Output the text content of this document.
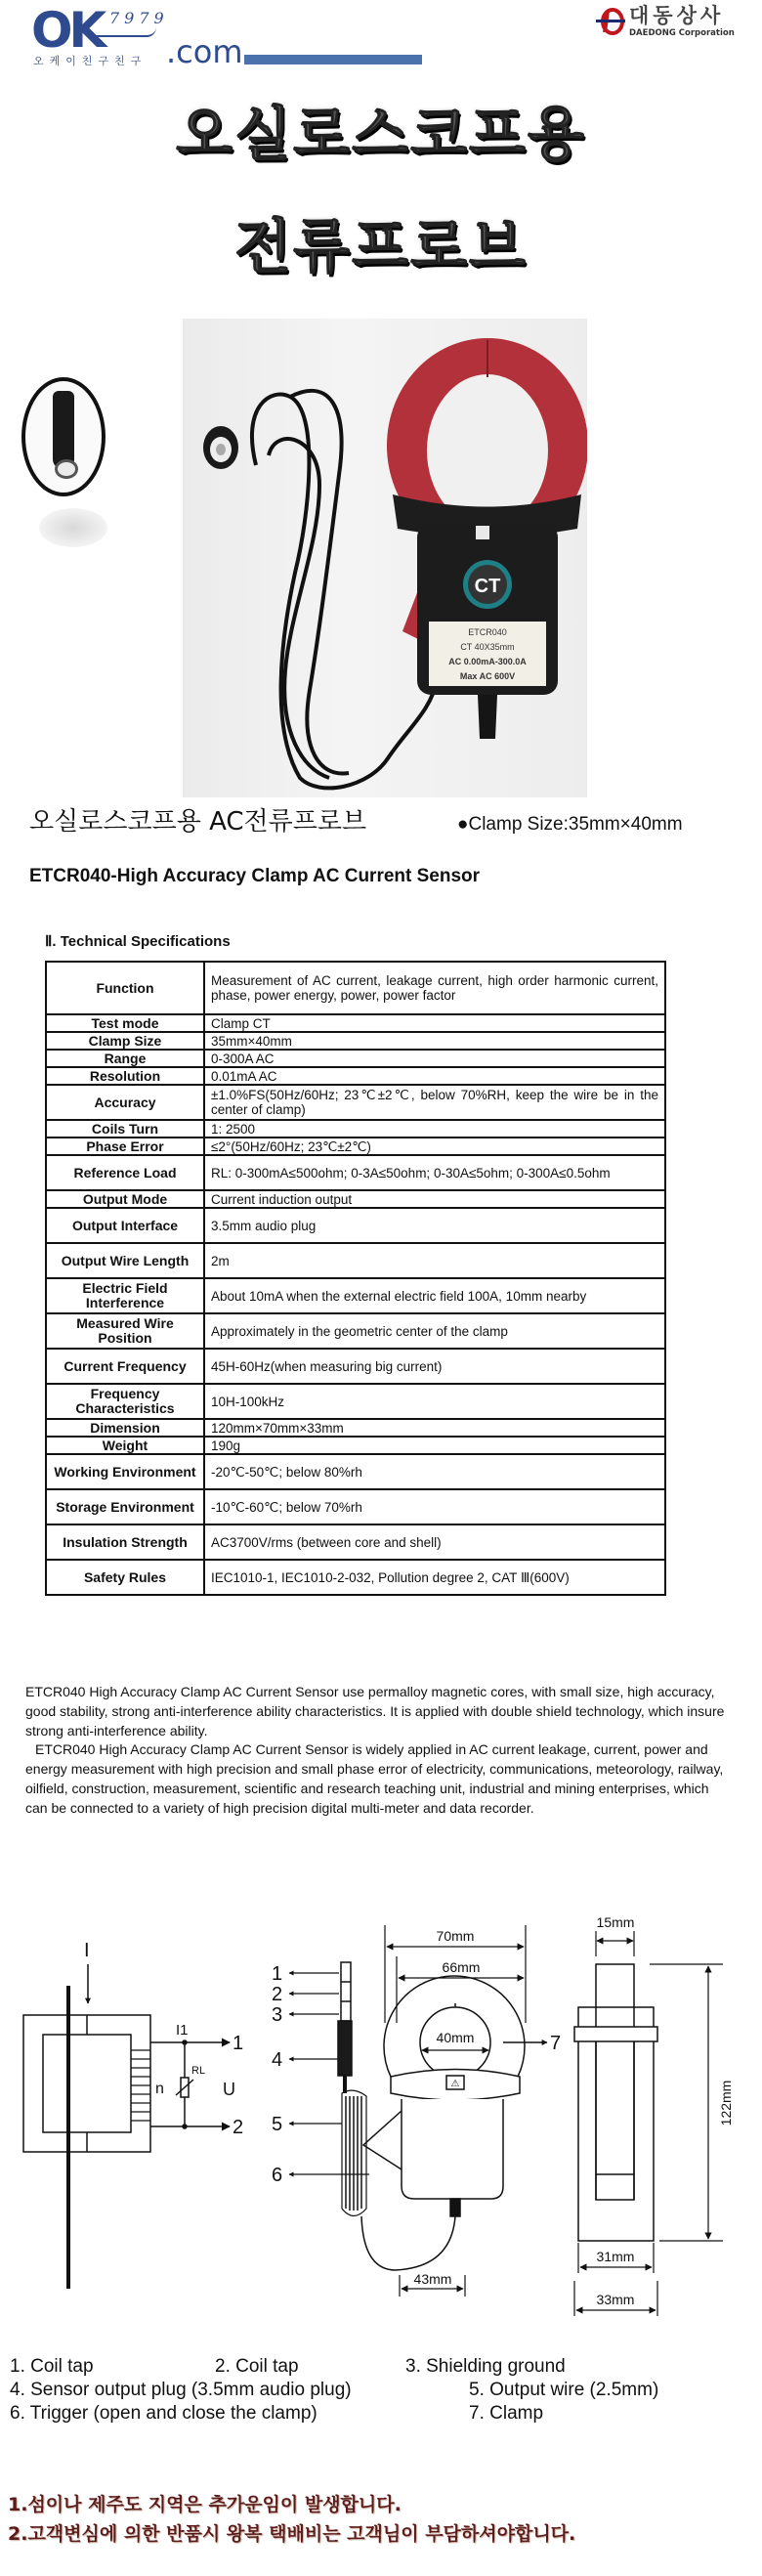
OK 7979
오케이친구친구 .com
대동상사
DAEDONG Corporation
오실로스코프용
전류프로브
CT
ETCR040
CT 40X35mm
AC 0.00mA-300.0A
Max AC 600V
오실로스코프용 AC전류프로브	●Clamp Size:35mm×40mm
ETCR040-High Accuracy Clamp AC Current Sensor
Ⅱ. Technical Specifications
Function	Measurement of AC current, leakage current, high order harmonic current, phase, power energy, power, power factor
Test mode	Clamp CT
Clamp Size	35mm×40mm
Range	0-300A AC
Resolution	0.01mA AC
Accuracy	±1.0%FS(50Hz/60Hz; 23℃±2℃, below 70%RH, keep the wire be in the center of clamp)
Coils Turn	1: 2500
Phase Error	≤2°(50Hz/60Hz; 23℃±2℃)
Reference Load	RL: 0-300mA≤500ohm; 0-3A≤50ohm; 0-30A≤5ohm; 0-300A≤0.5ohm
Output Mode	Current induction output
Output Interface	3.5mm audio plug
Output Wire Length	2m
Electric Field Interference	About 10mA when the external electric field 100A, 10mm nearby
Measured Wire Position	Approximately in the geometric center of the clamp
Current Frequency	45H-60Hz(when measuring big current)
Frequency Characteristics	10H-100kHz
Dimension	120mm×70mm×33mm
Weight	190g
Working Environment	-20℃-50℃; below 80%rh
Storage Environment	-10℃-60℃; below 70%rh
Insulation Strength	AC3700V/rms (between core and shell)
Safety Rules	IEC1010-1, IEC1010-2-032, Pollution degree 2, CAT Ⅲ(600V)

ETCR040 High Accuracy Clamp AC Current Sensor use permalloy magnetic cores, with small size, high accuracy, good stability, strong anti-interference ability characteristics. It is applied with double shield technology, which insure strong anti-interference ability.

ETCR040 High Accuracy Clamp AC Current Sensor is widely applied in AC current leakage, current, power and energy measurement with high precision and small phase error of electricity, communications, meteorology, railway, oilfield, construction, measurement, scientific and research teaching unit, industrial and mining enterprises, which can be connected to a variety of high precision digital multi-meter and data recorder.

I
I1
n
RL
U
1
2
⚠
70mm
66mm
40mm
43mm
1
2
3
4
5
6
7
15mm
122mm
31mm
33mm
1. Coil tap	2. Coil tap	3. Shielding ground
4. Sensor output plug (3.5mm audio plug)	5. Output wire (2.5mm)
6. Trigger (open and close the clamp)	7. Clamp
1.섬이나 제주도 지역은 추가운임이 발생합니다.
2.고객변심에 의한 반품시 왕복 택배비는 고객님이 부담하셔야합니다.
